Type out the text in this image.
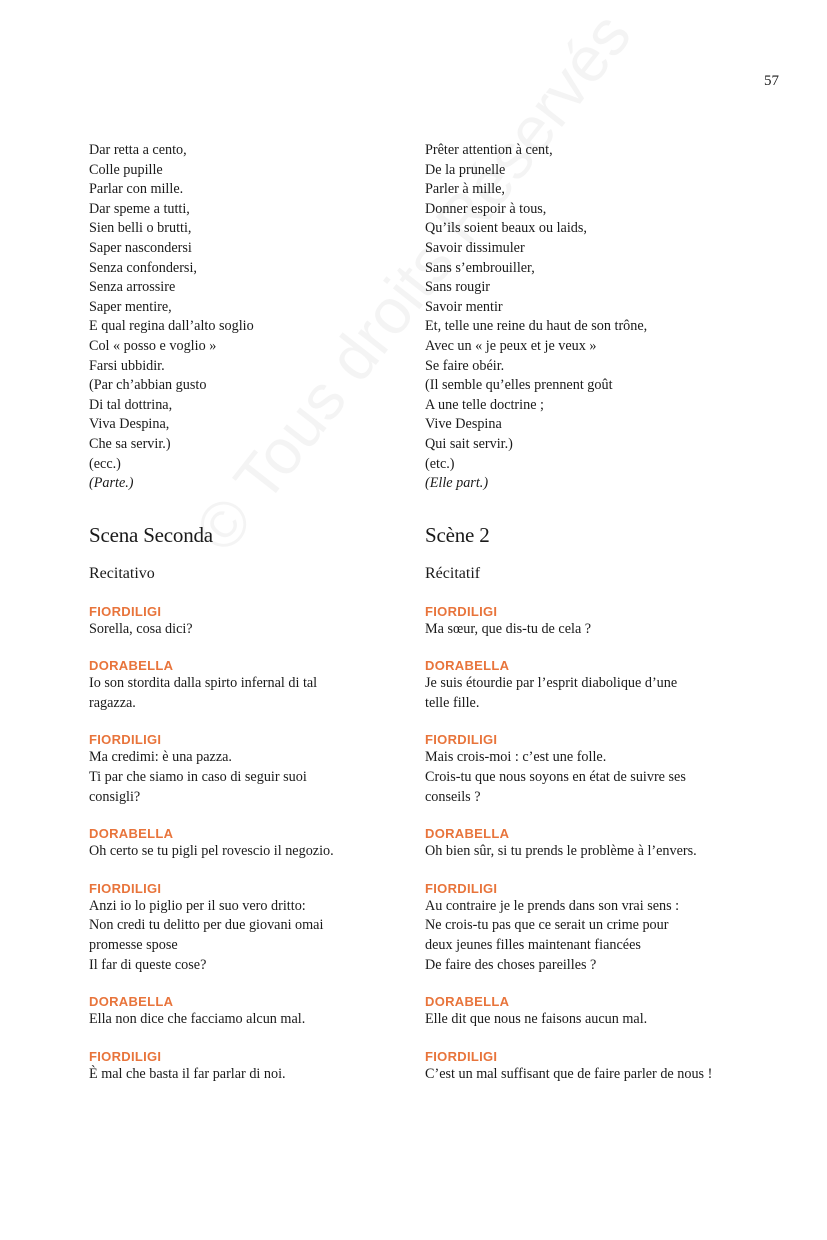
57
Dar retta a cento,
Colle pupille
Parlar con mille.
Dar speme a tutti,
Sien belli o brutti,
Saper nascondersi
Senza confondersi,
Senza arrossire
Saper mentire,
E qual regina dall’alto soglio
Col « posso e voglio »
Farsi ubbidir.
(Par ch’abbian gusto
Di tal dottrina,
Viva Despina,
Che sa servir.)
(ecc.)
(Parte.)
Scena Seconda
Recitativo
FIORDILIGI
Sorella, cosa dici?
DORABELLA
Io son stordita dalla spirto infernal di tal
ragazza.
FIORDILIGI
Ma credimi: è una pazza.
Ti par che siamo in caso di seguir suoi
consigli?
DORABELLA
Oh certo se tu pigli pel rovescio il negozio.
FIORDILIGI
Anzi io lo piglio per il suo vero dritto:
Non credi tu delitto per due giovani omai
promesse spose
Il far di queste cose?
DORABELLA
Ella non dice che facciamo alcun mal.
FIORDILIGI
È mal che basta il far parlar di noi.
Prêter attention à cent,
De la prunelle
Parler à mille,
Donner espoir à tous,
Qu’ils soient beaux ou laids,
Savoir dissimuler
Sans s’embrouiller,
Sans rougir
Savoir mentir
Et, telle une reine du haut de son trône,
Avec un « je peux et je veux »
Se faire obéir.
(Il semble qu’elles prennent goût
A une telle doctrine ;
Vive Despina
Qui sait servir.)
(etc.)
(Elle part.)
Scène 2
Récitatif
FIORDILIGI
Ma sœur, que dis-tu de cela ?
DORABELLA
Je suis étourdie par l’esprit diabolique d’une
telle fille.
FIORDILIGI
Mais crois-moi : c’est une folle.
Crois-tu que nous soyons en état de suivre ses
conseils ?
DORABELLA
Oh bien sûr, si tu prends le problème à l’envers.
FIORDILIGI
Au contraire je le prends dans son vrai sens :
Ne crois-tu pas que ce serait un crime pour
deux jeunes filles maintenant fiancées
De faire des choses pareilles ?
DORABELLA
Elle dit que nous ne faisons aucun mal.
FIORDILIGI
C’est un mal suffisant que de faire parler de nous !
